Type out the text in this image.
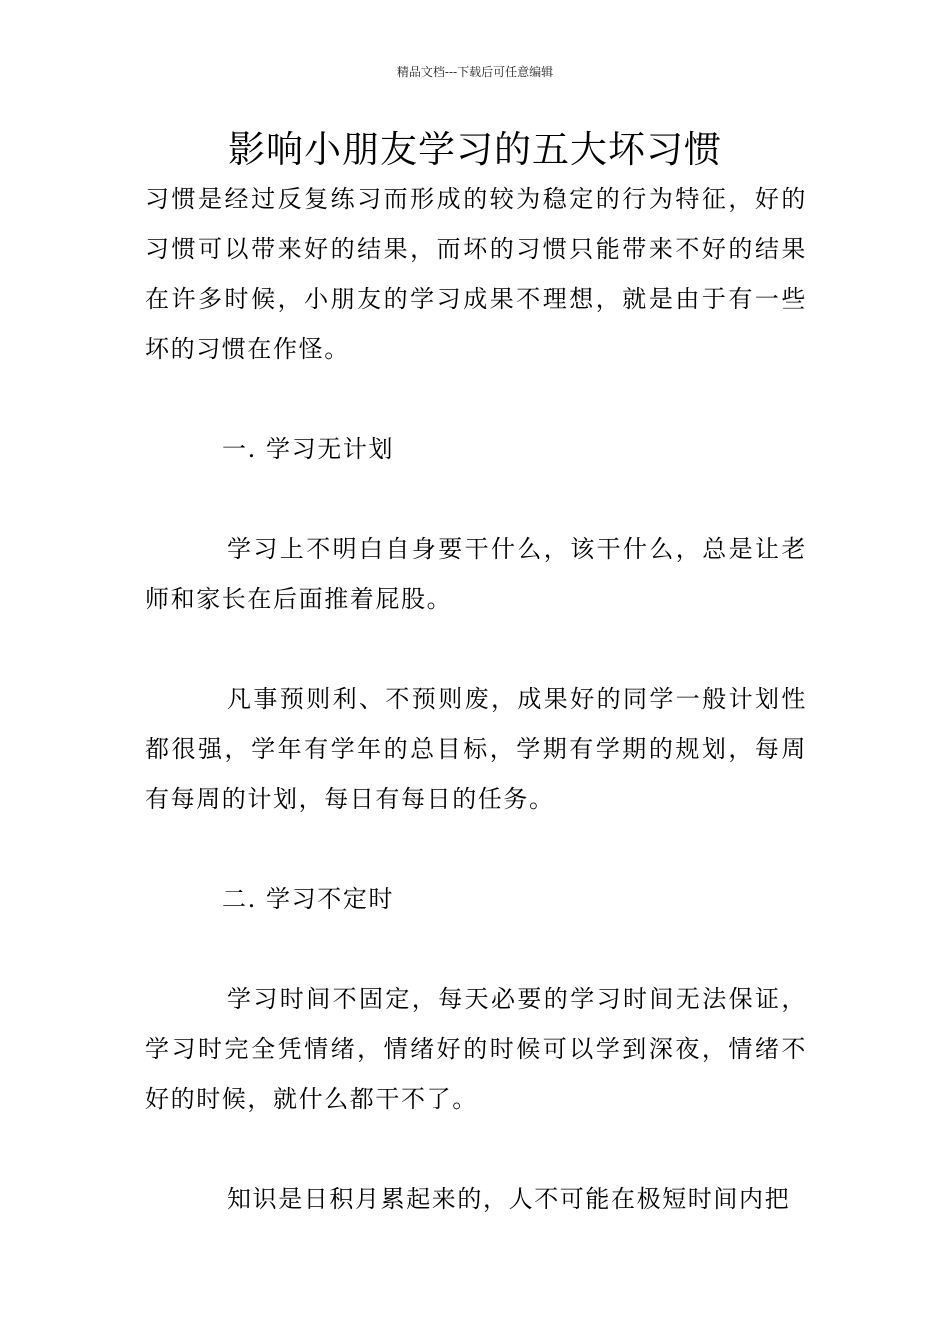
精品文档---下载后可任意编辑
影响小朋友学习的五大坏习惯

习惯是经过反复练习而形成的较为稳定的行为特征，好的习惯可以带来好的结果，而坏的习惯只能带来不好的结果在许多时候，小朋友的学习成果不理想，就是由于有一些坏的习惯在作怪。

一. 学习无计划

学习上不明白自身要干什么，该干什么，总是让老师和家长在后面推着屁股。

凡事预则利、不预则废，成果好的同学一般计划性都很强，学年有学年的总目标，学期有学期的规划，每周有每周的计划，每日有每日的任务。

二. 学习不定时

学习时间不固定，每天必要的学习时间无法保证，学习时完全凭情绪，情绪好的时候可以学到深夜，情绪不好的时候，就什么都干不了。

知识是日积月累起来的，人不可能在极短时间内把
